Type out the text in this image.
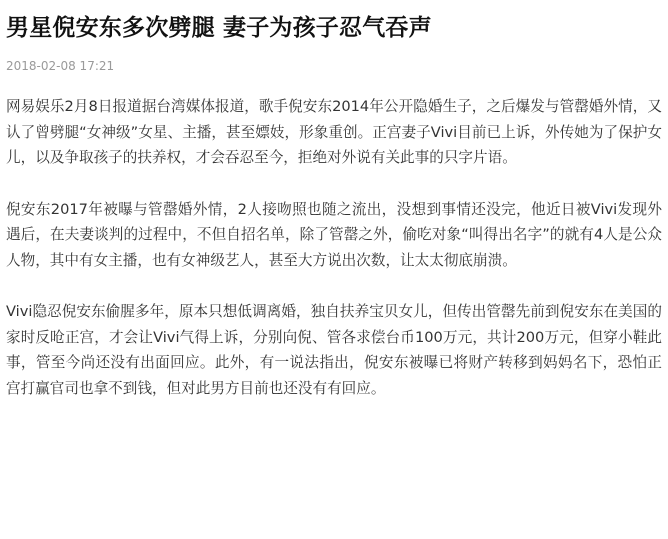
男星倪安东多次劈腿 妻子为孩子忍气吞声
2018-02-08 17:21

网易娱乐2月8日报道据台湾媒体报道，歌手倪安东2014年公开隐婚生子，之后爆发与管罄婚外情，又认了曾劈腿“女神级”女星、主播，甚至嫖妓，形象重创。正宫妻子Vivi目前已上诉，外传她为了保护女儿，以及争取孩子的扶养权，才会吞忍至今，拒绝对外说有关此事的只字片语。

倪安东2017年被曝与管罄婚外情，2人接吻照也随之流出，没想到事情还没完，他近日被Vivi发现外遇后，在夫妻谈判的过程中，不但自招名单，除了管罄之外，偷吃对象“叫得出名字”的就有4人是公众人物，其中有女主播，也有女神级艺人，甚至大方说出次数，让太太彻底崩溃。

Vivi隐忍倪安东偷腥多年，原本只想低调离婚，独自扶养宝贝女儿，但传出管罄先前到倪安东在美国的家时反呛正宫，才会让Vivi气得上诉，分别向倪、管各求偿台币100万元，共计200万元，但穿小鞋此事，管至今尚还没有出面回应。此外，有一说法指出，倪安东被曝已将财产转移到妈妈名下，恐怕正宫打赢官司也拿不到钱，但对此男方目前也还没有有回应。
